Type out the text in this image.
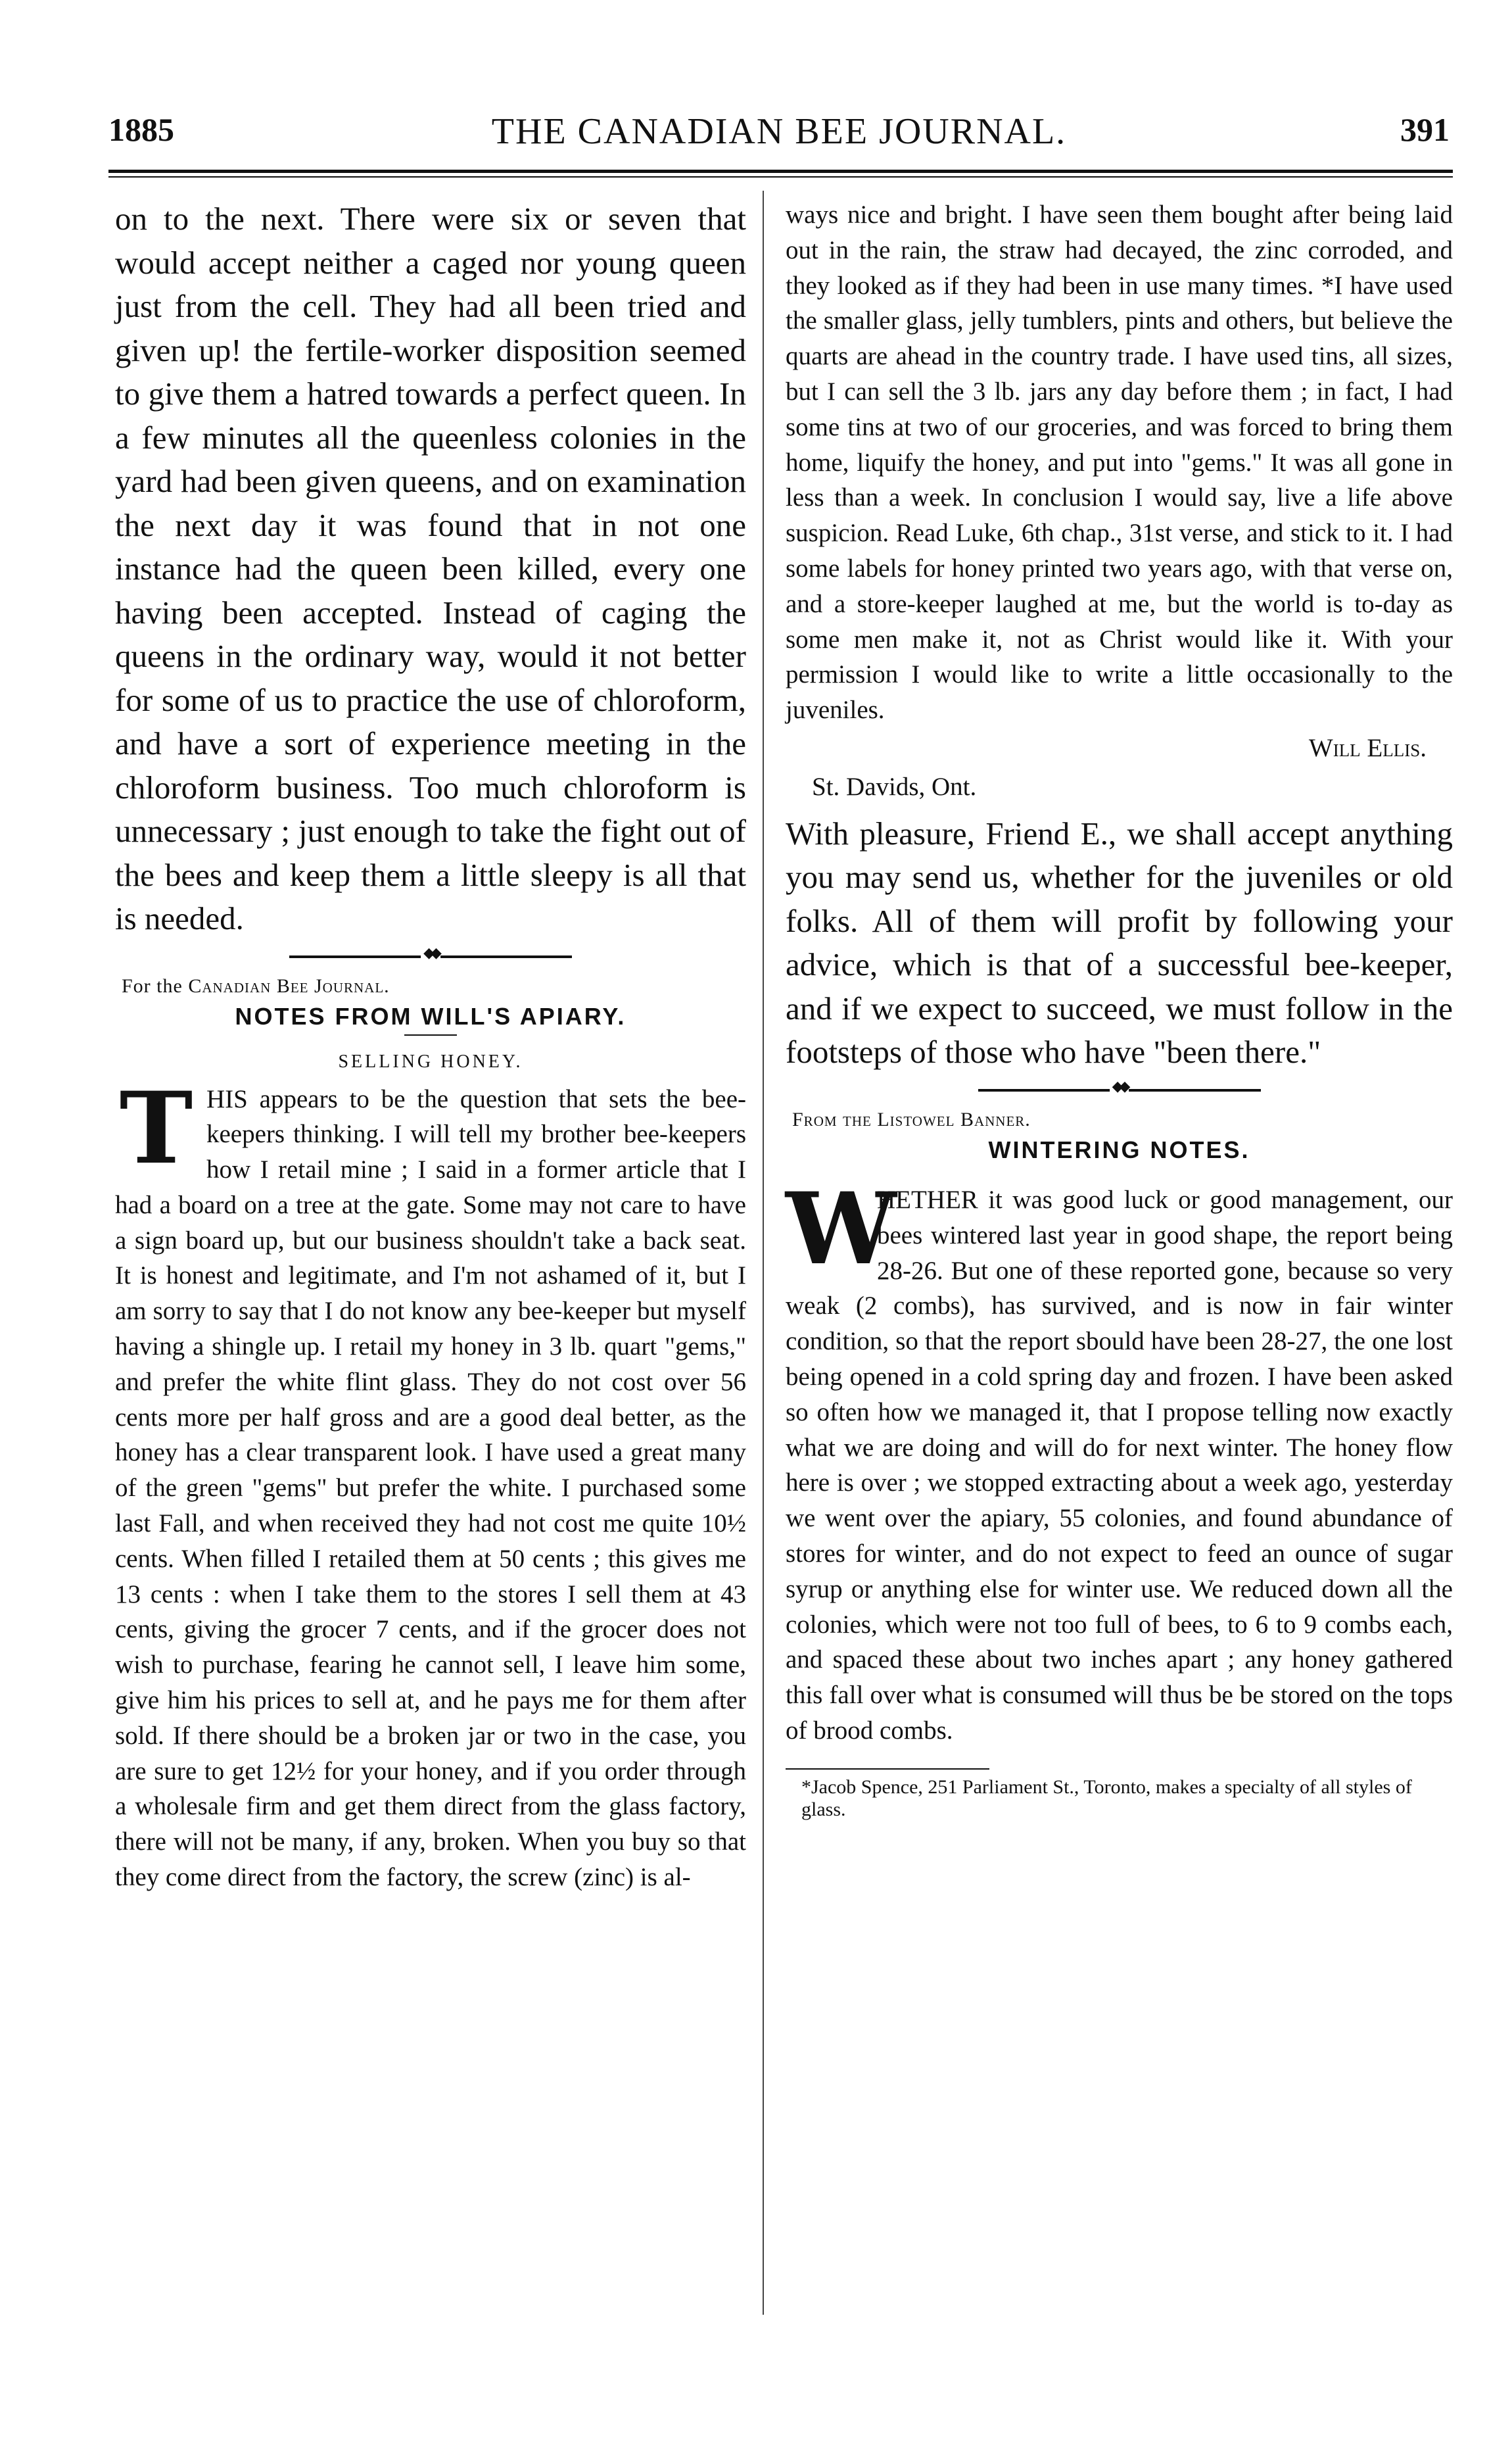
1885	THE CANADIAN BEE JOURNAL.	391

on to the next. There were six or seven that would accept neither a caged nor young queen just from the cell. They had all been tried and given up! the fertile-worker disposition seemed to give them a hatred towards a perfect queen. In a few minutes all the queenless colonies in the yard had been given queens, and on examination the next day it was found that in not one instance had the queen been killed, every one having been accepted. Instead of caging the queens in the ordinary way, would it not better for some of us to practice the use of chloroform, and have a sort of experience meeting in the chloroform business. Too much chloroform is unnecessary ; just enough to take the fight out of the bees and keep them a little sleepy is all that is needed.

◆◆
For the Canadian Bee Journal.
NOTES FROM WILL'S APIARY.
SELLING HONEY.

T HIS appears to be the question that sets the bee-keepers thinking. I will tell my brother bee-keepers how I retail mine ; I said in a former article that I had a board on a tree at the gate. Some may not care to have a sign board up, but our business shouldn't take a back seat. It is honest and legitimate, and I'm not ashamed of it, but I am sorry to say that I do not know any bee-keeper but myself having a shingle up. I retail my honey in 3 lb. quart "gems," and prefer the white flint glass. They do not cost over 56 cents more per half gross and are a good deal better, as the honey has a clear transparent look. I have used a great many of the green "gems" but prefer the white. I purchased some last Fall, and when received they had not cost me quite 10½ cents. When filled I retailed them at 50 cents ; this gives me 13 cents : when I take them to the stores I sell them at 43 cents, giving the grocer 7 cents, and if the grocer does not wish to purchase, fearing he cannot sell, I leave him some, give him his prices to sell at, and he pays me for them after sold. If there should be a broken jar or two in the case, you are sure to get 12½ for your honey, and if you order through a wholesale firm and get them direct from the glass factory, there will not be many, if any, broken. When you buy so that they come direct from the factory, the screw (zinc) is al-

ways nice and bright. I have seen them bought after being laid out in the rain, the straw had decayed, the zinc corroded, and they looked as if they had been in use many times. *I have used the smaller glass, jelly tumblers, pints and others, but believe the quarts are ahead in the country trade. I have used tins, all sizes, but I can sell the 3 lb. jars any day before them ; in fact, I had some tins at two of our groceries, and was forced to bring them home, liquify the honey, and put into "gems." It was all gone in less than a week. In conclusion I would say, live a life above suspicion. Read Luke, 6th chap., 31st verse, and stick to it. I had some labels for honey printed two years ago, with that verse on, and a store-keeper laughed at me, but the world is to-day as some men make it, not as Christ would like it. With your permission I would like to write a little occasionally to the juveniles.

Will Ellis.
St. Davids, Ont.

With pleasure, Friend E., we shall accept anything you may send us, whether for the juveniles or old folks. All of them will profit by following your advice, which is that of a successful bee-keeper, and if we expect to succeed, we must follow in the footsteps of those who have "been there."

◆◆
From the Listowel Banner.
WINTERING NOTES.

W
HETHER it was good luck or good management, our bees wintered last year in good shape, the report being 28-26. But one of these reported gone, because so very weak (2 combs), has survived, and is now in fair winter condition, so that the report sbould have been 28-27, the one lost being opened in a cold spring day and frozen. I have been asked so often how we managed it, that I propose telling now exactly what we are doing and will do for next winter. The honey flow here is over ; we stopped extracting about a week ago, yesterday we went over the apiary, 55 colonies, and found abundance of stores for winter, and do not expect to feed an ounce of sugar syrup or anything else for winter use. We reduced down all the colonies, which were not too full of bees, to 6 to 9 combs each, and spaced these about two inches apart ; any honey gathered this fall over what is consumed will thus be be stored on the tops of brood combs.

*Jacob Spence, 251 Parliament St., Toronto, makes a specialty of all styles of glass.
